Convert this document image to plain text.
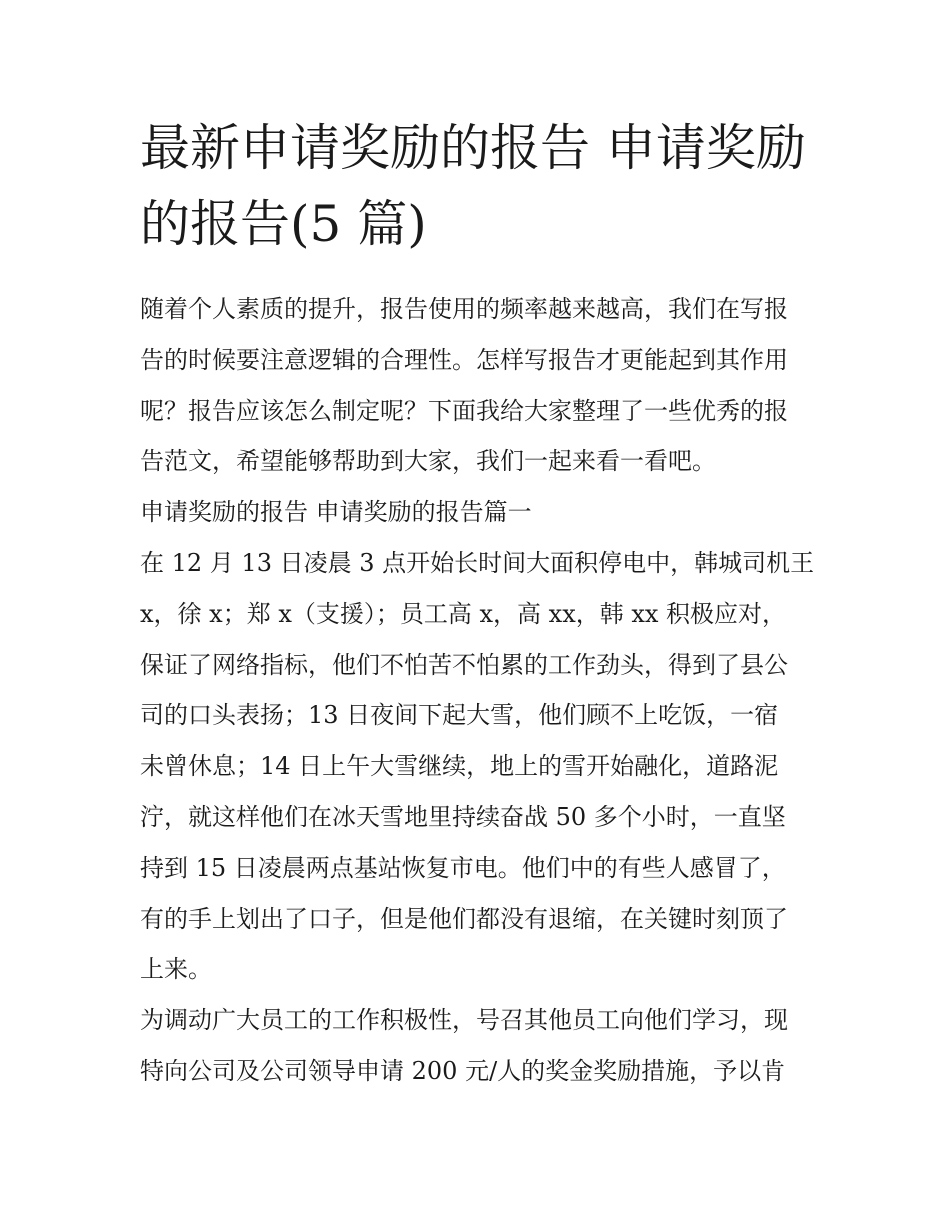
最新申请奖励的报告 申请奖励
的报告(5 篇)

随着个人素质的提升，报告使用的频率越来越高，我们在写报
告的时候要注意逻辑的合理性。怎样写报告才更能起到其作用
呢？报告应该怎么制定呢？下面我给大家整理了一些优秀的报
告范文，希望能够帮助到大家，我们一起来看一看吧。

申请奖励的报告 申请奖励的报告篇一

在 12 月 13 日凌晨 3 点开始长时间大面积停电中，韩城司机王
x，徐 x；郑 x（支援）；员工高 x，高 xx，韩 xx 积极应对，
保证了网络指标，他们不怕苦不怕累的工作劲头，得到了县公
司的口头表扬；13 日夜间下起大雪，他们顾不上吃饭，一宿
未曾休息；14 日上午大雪继续，地上的雪开始融化，道路泥
泞，就这样他们在冰天雪地里持续奋战 50 多个小时，一直坚
持到 15 日凌晨两点基站恢复市电。他们中的有些人感冒了，
有的手上划出了口子，但是他们都没有退缩，在关键时刻顶了
上来。

为调动广大员工的工作积极性，号召其他员工向他们学习，现
特向公司及公司领导申请 200 元/人的奖金奖励措施，予以肯
